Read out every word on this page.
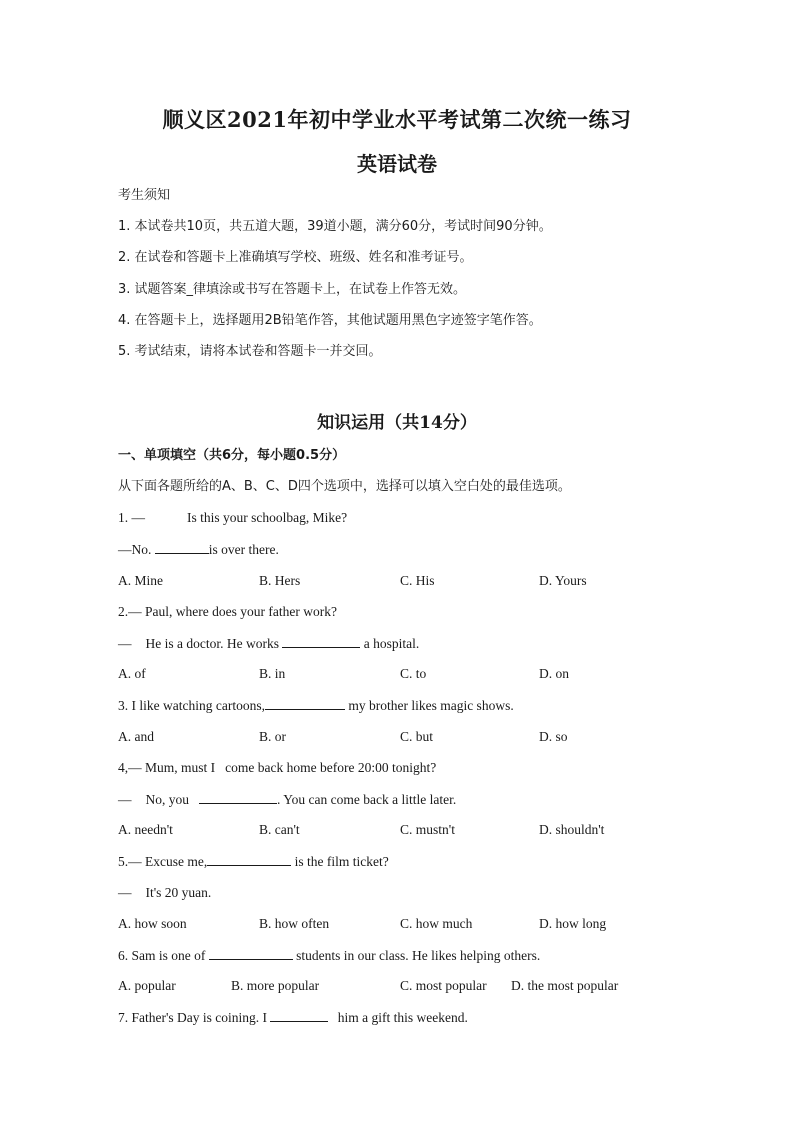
顺义区2021年初中学业水平考试第二次统一练习
英语试卷
考生须知
1. 本试卷共10页，共五道大题，39道小题，满分60分，考试时间90分钟。
2. 在试卷和答题卡上准确填写学校、班级、姓名和准考证号。
3. 试题答案_律填涂或书写在答题卡上，在试卷上作答无效。
4. 在答题卡上，选择题用2B铅笔作答，其他试题用黑色字迹签字笔作答。
5. 考试结束，请将本试卷和答题卡一并交回。
知识运用（共14分）
一、单项填空（共6分，每小题0.5分）
从下面各题所给的A、B、C、D四个选项中，选择可以填入空白处的最佳选项。
1. —	Is this your schoolbag, Mike?
—No.	is over there.
A. Mine	B. Hers	C. His	D. Yours
2.— Paul, where does your father work?
— He is a doctor. He works	a hospital.
A. of	B. in	C. to	D. on
3. I like watching cartoons,	my brother likes magic shows.
A. and	B. or	C. but	D. so
4,— Mum, must I come back home before 20:00 tonight?
— No, you	. You can come back a little later.
A. needn't	B. can't	C. mustn't	D. shouldn't
5.— Excuse me,	is the film ticket?
— It's 20 yuan.
A. how soon	B. how often	C. how much	D. how long
6. Sam is one of	students in our class. He likes helping others.
A. popular	B. more popular	C. most popular D. the most popular
7. Father's Day is coining. I	him a gift this weekend.
